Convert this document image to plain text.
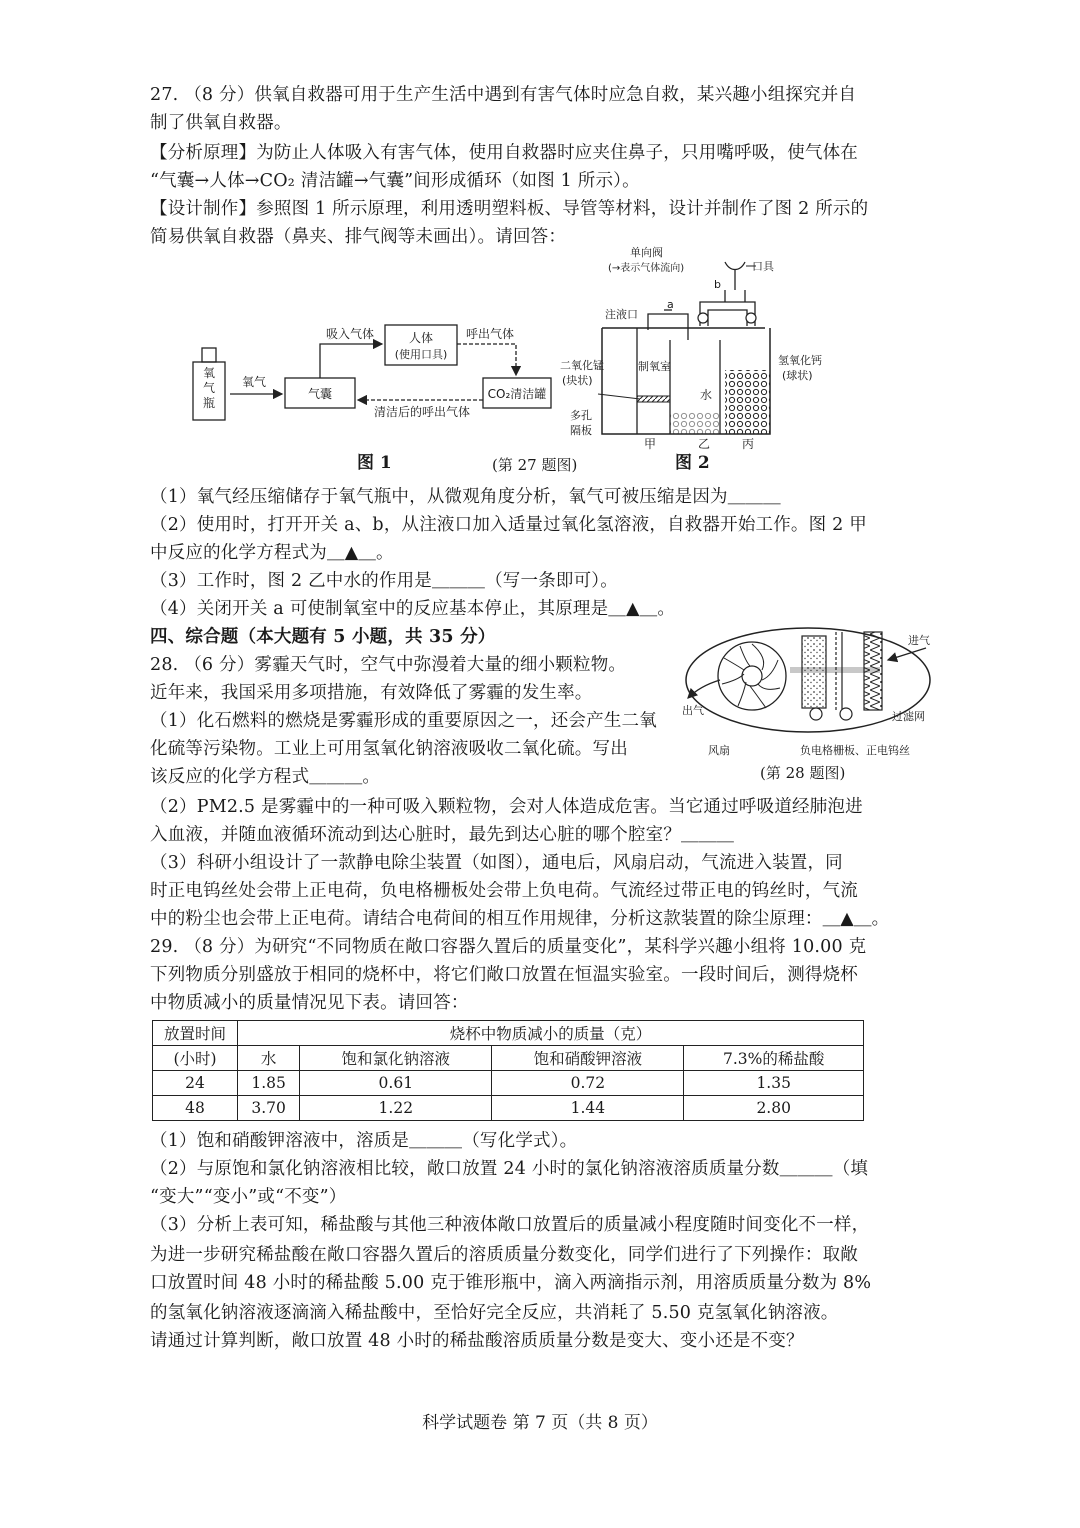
27. （8 分）供氧自救器可用于生产生活中遇到有害气体时应急自救，某兴趣小组探究并自
制了供氧自救器。
【分析原理】为防止人体吸入有害气体，使用自救器时应夹住鼻子，只用嘴呼吸，使气体在
“气囊→人体→CO₂ 清洁罐→气囊”间形成循环（如图 1 所示）。
【设计制作】参照图 1 所示原理，利用透明塑料板、导管等材料，设计并制作了图 2 所示的
简易供氧自救器（鼻夹、排气阀等未画出）。请回答：
氧
气
瓶
氧气
气囊
吸入气体	人体
(使用口具)
呼出气体
CO₂清洁罐
清洁后的呼出气体
图 1	(第 27 题图)
单向阀
(→表示气体流向)	口具
b
注液口
a
制氧室
水
二氧化锰
(块状)
多孔
隔板
氢氧化钙
(球状)
甲	乙	丙
图 2
（1）氧气经压缩储存于氧气瓶中，从微观角度分析，氧气可被压缩是因为＿＿＿
（2）使用时，打开开关 a、b，从注液口加入适量过氧化氢溶液，自救器开始工作。图 2 甲
中反应的化学方程式为＿▲＿。
（3）工作时，图 2 乙中水的作用是＿＿＿（写一条即可）。
（4）关闭开关 a 可使制氧室中的反应基本停止，其原理是＿▲＿。
四、综合题（本大题有 5 小题，共 35 分）
28. （6 分）雾霾天气时，空气中弥漫着大量的细小颗粒物。
近年来，我国采用多项措施，有效降低了雾霾的发生率。
（1）化石燃料的燃烧是雾霾形成的重要原因之一，还会产生二氧
化硫等污染物。工业上可用氢氧化钠溶液吸收二氧化硫。写出
该反应的化学方程式＿＿＿。
进气
出气	过滤网
风扇	负电格栅板、正电钨丝
(第 28 题图)
（2）PM2.5 是雾霾中的一种可吸入颗粒物，会对人体造成危害。当它通过呼吸道经肺泡进
入血液，并随血液循环流动到达心脏时，最先到达心脏的哪个腔室？＿＿＿
（3）科研小组设计了一款静电除尘装置（如图），通电后，风扇启动，气流进入装置，同
时正电钨丝处会带上正电荷，负电格栅板处会带上负电荷。气流经过带正电的钨丝时，气流
中的粉尘也会带上正电荷。请结合电荷间的相互作用规律，分析这款装置的除尘原理：＿▲＿。
29. （8 分）为研究“不同物质在敞口容器久置后的质量变化”，某科学兴趣小组将 10.00 克
下列物质分别盛放于相同的烧杯中，将它们敞口放置在恒温实验室。一段时间后，测得烧杯
中物质减小的质量情况见下表。请回答：
放置时间	烧杯中物质减小的质量（克）			
(小时)	水	饱和氯化钠溶液	饱和硝酸钾溶液	7.3%的稀盐酸
24	1.85	0.61	0.72	1.35
48	3.70	1.22	1.44	2.80
（1）饱和硝酸钾溶液中，溶质是＿＿＿（写化学式）。
（2）与原饱和氯化钠溶液相比较，敞口放置 24 小时的氯化钠溶液溶质质量分数＿＿＿（填
“变大”“变小”或“不变”）
（3）分析上表可知，稀盐酸与其他三种液体敞口放置后的质量减小程度随时间变化不一样，
为进一步研究稀盐酸在敞口容器久置后的溶质质量分数变化，同学们进行了下列操作：取敞
口放置时间 48 小时的稀盐酸 5.00 克于锥形瓶中，滴入两滴指示剂，用溶质质量分数为 8%
的氢氧化钠溶液逐滴滴入稀盐酸中，至恰好完全反应，共消耗了 5.50 克氢氧化钠溶液。
请通过计算判断，敞口放置 48 小时的稀盐酸溶质质量分数是变大、变小还是不变？
科学试题卷 第 7 页（共 8 页）
